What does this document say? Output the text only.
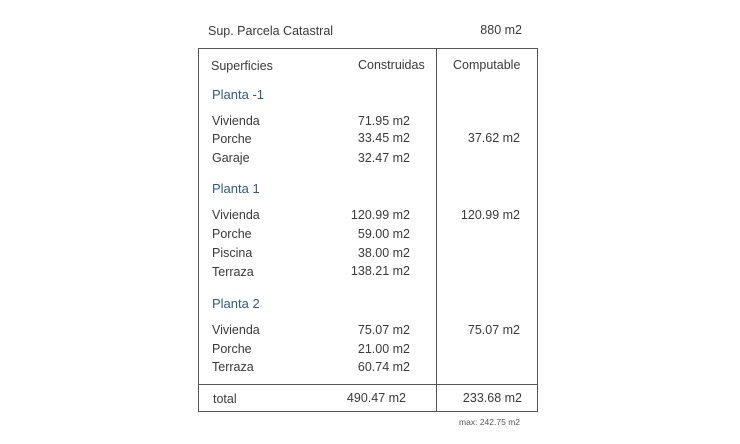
Sup. Parcela Catastral	880 m2
Superficies	Construidas Computable
Planta -1
Vivienda	71.95 m2
Porche	33.45 m2	37.62 m2
Garaje	32.47 m2
Planta 1
Vivienda	120.99 m2	120.99 m2
Porche	59.00 m2
Piscina	38.00 m2
Terraza	138.21 m2
Planta 2
Vivienda	75.07 m2	75.07 m2
Porche	21.00 m2
Terraza	60.74 m2
total	490.47 m2	233.68 m2
max: 242.75 m2
